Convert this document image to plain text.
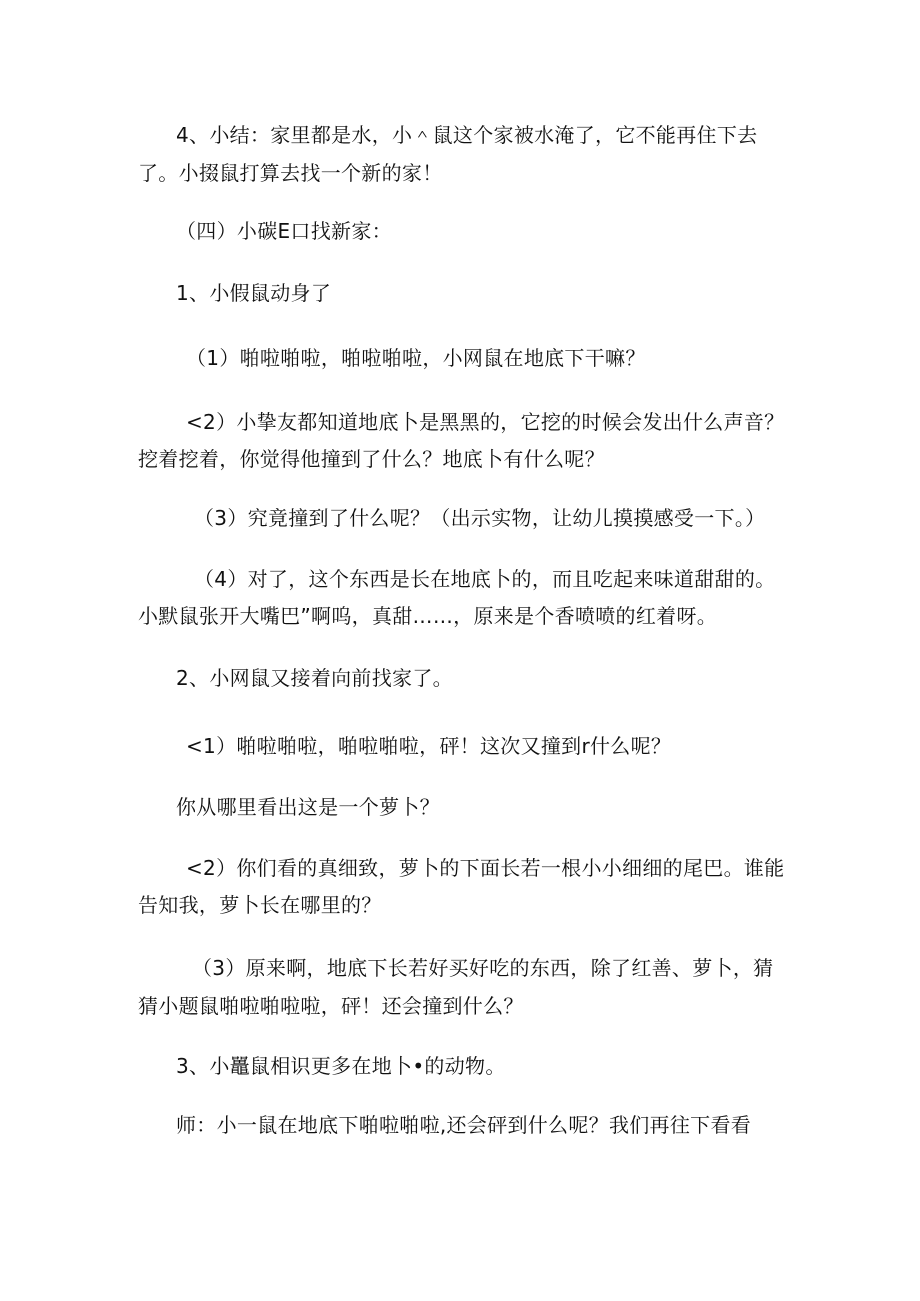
4、小结：家里都是水，小＾鼠这个家被水淹了，它不能再住下去
了。小掇鼠打算去找一个新的家！
（四）小碳E口找新家：
1、小假鼠动身了
（1）啪啦啪啦，啪啦啪啦，小网鼠在地底下干嘛？
<2）小挚友都知道地底卜是黑黑的，它挖的时候会发出什么声音？
挖着挖着，你觉得他撞到了什么？地底卜有什么呢？
（3）究竟撞到了什么呢？（出示实物，让幼儿摸摸感受一下。）
（4）对了，这个东西是长在地底卜的，而且吃起来味道甜甜的。
小默鼠张开大嘴巴”啊呜，真甜……，原来是个香喷喷的红着呀。
2、小网鼠又接着向前找家了。
<1）啪啦啪啦，啪啦啪啦，砰！这次又撞到r什么呢？
你从哪里看出这是一个萝卜？
<2）你们看的真细致，萝卜的下面长若一根小小细细的尾巴。谁能
告知我，萝卜长在哪里的？
（3）原来啊，地底下长若好买好吃的东西，除了红善、萝卜，猜
猜小题鼠啪啦啪啦啦，砰！还会撞到什么？
3、小鼉鼠相识更多在地卜•的动物。
师：小一鼠在地底下啪啦啪啦,还会砰到什么呢？我们再往下看看
